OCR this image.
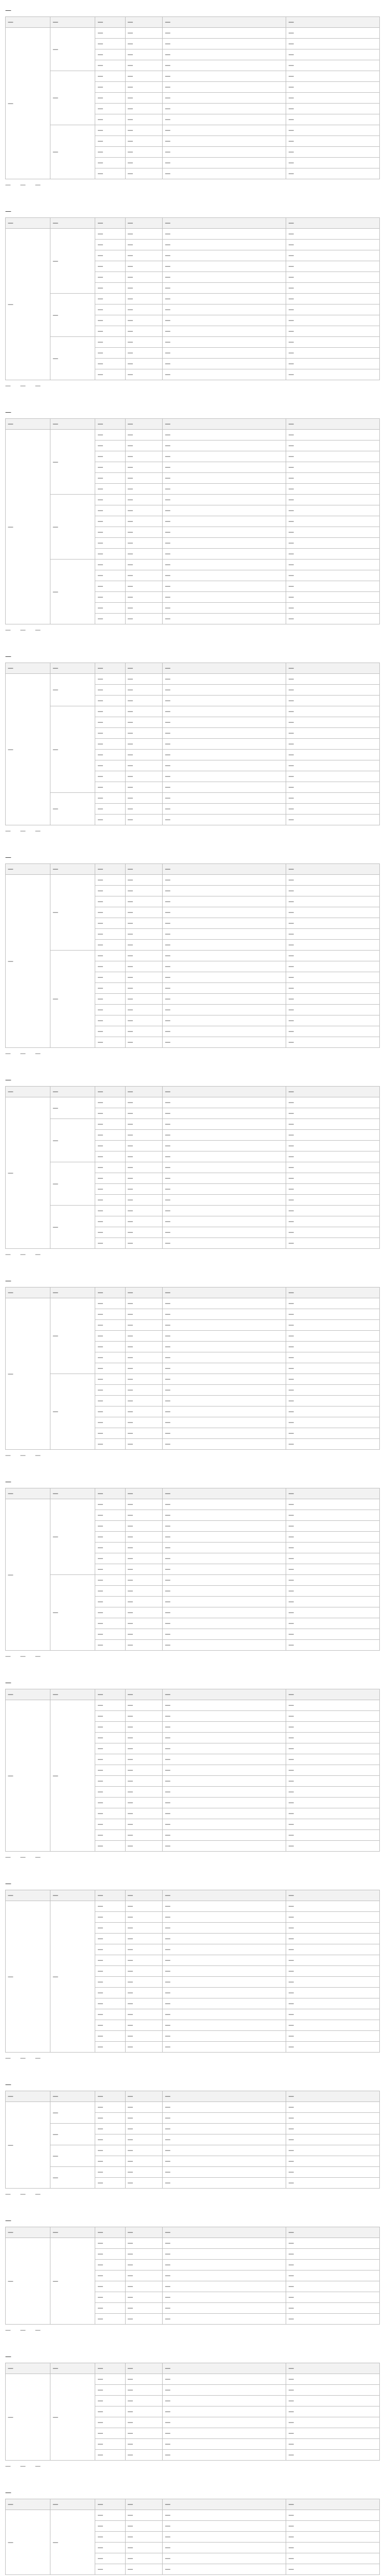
—
—	—	—	—	—	—
—	—	—	—	—	—
		—	—	—	—
		—	—	—	—
		—	—	—	—
	—	—	—	—	—
		—	—	—	—
		—	—	—	—
		—	—	—	—
		—	—	—	—
	—	—	—	—	—
		—	—	—	—
		—	—	—	—
		—	—	—	—
		—	—	—	—
— — —
—
—	—	—	—	—	—
—	—	—	—	—	—
		—	—	—	—
		—	—	—	—
		—	—	—	—
		—	—	—	—
		—	—	—	—
	—	—	—	—	—
		—	—	—	—
		—	—	—	—
		—	—	—	—
	—	—	—	—	—
		—	—	—	—
		—	—	—	—
		—	—	—	—
— — —
—
—	—	—	—	—	—
—	—	—	—	—	—
		—	—	—	—
		—	—	—	—
		—	—	—	—
		—	—	—	—
		—	—	—	—
	—	—	—	—	—
		—	—	—	—
		—	—	—	—
		—	—	—	—
		—	—	—	—
		—	—	—	—
	—	—	—	—	—
		—	—	—	—
		—	—	—	—
		—	—	—	—
		—	—	—	—
		—	—	—	—
— — —
—
—	—	—	—	—	—
—	—	—	—	—	—
		—	—	—	—
		—	—	—	—
	—	—	—	—	—
		—	—	—	—
		—	—	—	—
		—	—	—	—
		—	—	—	—
		—	—	—	—
		—	—	—	—
		—	—	—	—
	—	—	—	—	—
		—	—	—	—
		—	—	—	—
— — —
—
—	—	—	—	—	—
—	—	—	—	—	—
		—	—	—	—
		—	—	—	—
		—	—	—	—
		—	—	—	—
		—	—	—	—
		—	—	—	—
	—	—	—	—	—
		—	—	—	—
		—	—	—	—
		—	—	—	—
		—	—	—	—
		—	—	—	—
		—	—	—	—
		—	—	—	—
		—	—	—	—
— — —
—
—	—	—	—	—	—
—	—	—	—	—	—
		—	—	—	—
	—	—	—	—	—
		—	—	—	—
		—	—	—	—
		—	—	—	—
	—	—	—	—	—
		—	—	—	—
		—	—	—	—
		—	—	—	—
	—	—	—	—	—
		—	—	—	—
		—	—	—	—
		—	—	—	—
— — —
—
—	—	—	—	—	—
—	—	—	—	—	—
		—	—	—	—
		—	—	—	—
		—	—	—	—
		—	—	—	—
		—	—	—	—
		—	—	—	—
	—	—	—	—	—
		—	—	—	—
		—	—	—	—
		—	—	—	—
		—	—	—	—
		—	—	—	—
		—	—	—	—
— — —
—
—	—	—	—	—	—
—	—	—	—	—	—
		—	—	—	—
		—	—	—	—
		—	—	—	—
		—	—	—	—
		—	—	—	—
		—	—	—	—
	—	—	—	—	—
		—	—	—	—
		—	—	—	—
		—	—	—	—
		—	—	—	—
		—	—	—	—
		—	—	—	—
— — —
—
—	—	—	—	—	—
—	—	—	—	—	—
		—	—	—	—
		—	—	—	—
		—	—	—	—
		—	—	—	—
		—	—	—	—
		—	—	—	—
		—	—	—	—
		—	—	—	—
		—	—	—	—
		—	—	—	—
		—	—	—	—
		—	—	—	—
		—	—	—	—
— — —
—
—	—	—	—	—	—
—	—	—	—	—	—
		—	—	—	—
		—	—	—	—
		—	—	—	—
		—	—	—	—
		—	—	—	—
		—	—	—	—
		—	—	—	—
		—	—	—	—
		—	—	—	—
		—	—	—	—
		—	—	—	—
		—	—	—	—
		—	—	—	—
— — —
—
—	—	—	—	—	—
—	—	—	—	—	—
		—	—	—	—
	—	—	—	—	—
		—	—	—	—
	—	—	—	—	—
		—	—	—	—
	—	—	—	—	—
		—	—	—	—
— — —
—
—	—	—	—	—	—
—	—	—	—	—	—
		—	—	—	—
		—	—	—	—
		—	—	—	—
		—	—	—	—
		—	—	—	—
		—	—	—	—
		—	—	—	—
— — —
—
—	—	—	—	—	—
—	—	—	—	—	—
		—	—	—	—
		—	—	—	—
		—	—	—	—
		—	—	—	—
		—	—	—	—
		—	—	—	—
		—	—	—	—
— — —
—
—	—	—	—	—	—
—	—	—	—	—	—
		—	—	—	—
		—	—	—	—
		—	—	—	—
		—	—	—	—
		—	—	—	—
